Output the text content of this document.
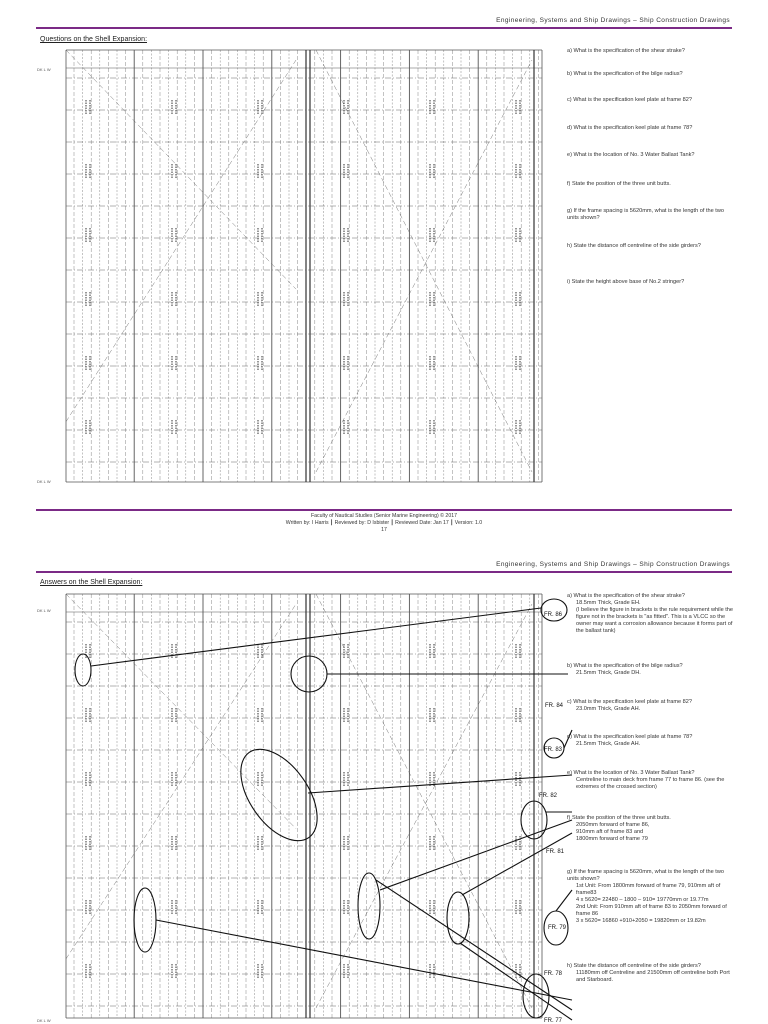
Engineering, Systems and Ship Drawings – Ship Construction Drawings
Questions on the Shell Expansion:
DK L W
DK L W
a) What is the specification of the shear strake?
b) What is the specification of the bilge radius?
c) What is the specification keel plate at frame 82?
d) What is the specification keel plate at frame 78?
e) What is the location of No. 3 Water Ballast Tank?
f) State the position of the three unit butts.
g) If the frame spacing is 5620mm, what is the length of the two units shown?
h) State the distance off centreline of the side girders?
i) State the height above base of No.2 stringer?
Faculty of Nautical Studies (Senior Marine Engineering) © 2017
Written by: I Harris ┃ Reviewed by: D Isbister ┃ Reviewed Date: Jan 17 ┃ Version: 1.0
17
Engineering, Systems and Ship Drawings – Ship Construction Drawings
Answers on the Shell Expansion:
DK L W
DK L W
FR. 86
FR. 84
FR. 83
FR. 82
FR. 81
FR. 79
FR. 78
FR. 77
a) What is the specification of the shear strake?
18.5mm Thick, Grade EH.
(I believe the figure in brackets is the rule requirement while the figure not in the brackets is "as fitted". This is a VLCC so the owner may want a corrosion allowance because it forms part of the ballast tank)
b) What is the specification of the bilge radius?
21.5mm Thick, Grade DH.
c) What is the specification keel plate at frame 82?
23.0mm Thick, Grade AH.
d) What is the specification keel plate at frame 78?
21.5mm Thick, Grade AH.
e) What is the location of No. 3 Water Ballast Tank?
Centreline to main deck from frame 77 to frame 86. (see the extremes of the crossed section)
f) State the position of the three unit butts.
2050mm forward of frame 86,
910mm aft of frame 83 and
1800mm forward of frame 79
g) If the frame spacing is 5620mm, what is the length of the two units shown?
1st Unit: From 1800mm forward of frame 79, 910mm aft of frame83
4 x 5620= 22480 – 1800 – 910= 19770mm or 19.77m
2nd Unit: From 910mm aft of frame 83 to 2050mm forward of frame 86
3 x 5620= 16860 +910+2050 = 19820mm or 19.82m
h) State the distance off centreline of the side girders?
11180mm off Centreline and 21500mm off centreline both Port and Starboard.
